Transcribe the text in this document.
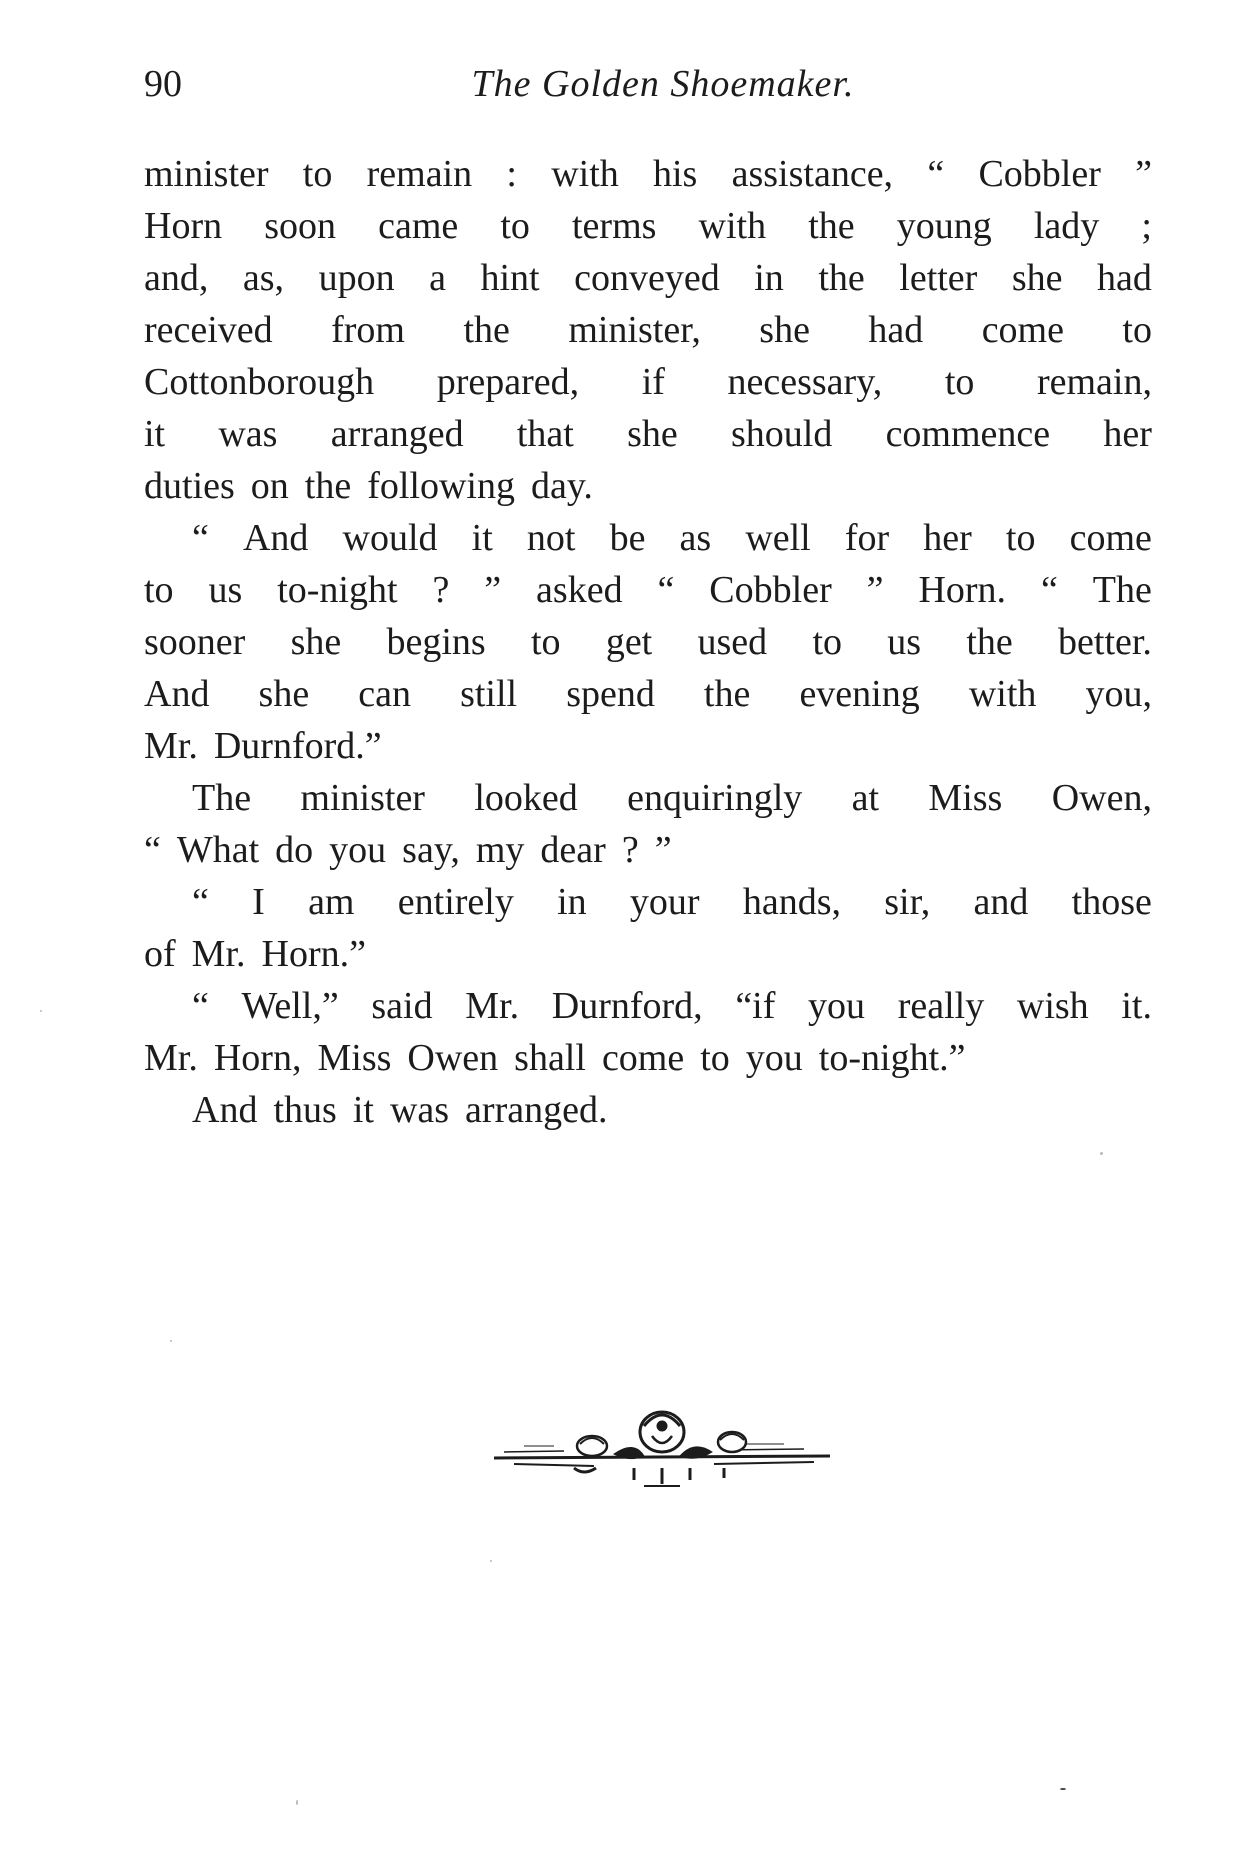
90	The Golden Shoemaker.
minister to remain : with his assistance, “ Cobbler ”
Horn soon came to terms with the young lady ;
and, as, upon a hint conveyed in the letter she had
received from the minister, she had come to
Cottonborough prepared, if necessary, to remain,
it was arranged that she should commence her
duties on the following day.
“ And would it not be as well for her to come
to us to-night ? ” asked “ Cobbler ” Horn. “ The
sooner she begins to get used to us the better.
And she can still spend the evening with you,
Mr. Durnford.”
The minister looked enquiringly at Miss Owen,
“ What do you say, my dear ? ”
“ I am entirely in your hands, sir, and those
of Mr. Horn.”
“ Well,” said Mr. Durnford, “if you really wish it.
Mr. Horn, Miss Owen shall come to you to-night.”
And thus it was arranged.
